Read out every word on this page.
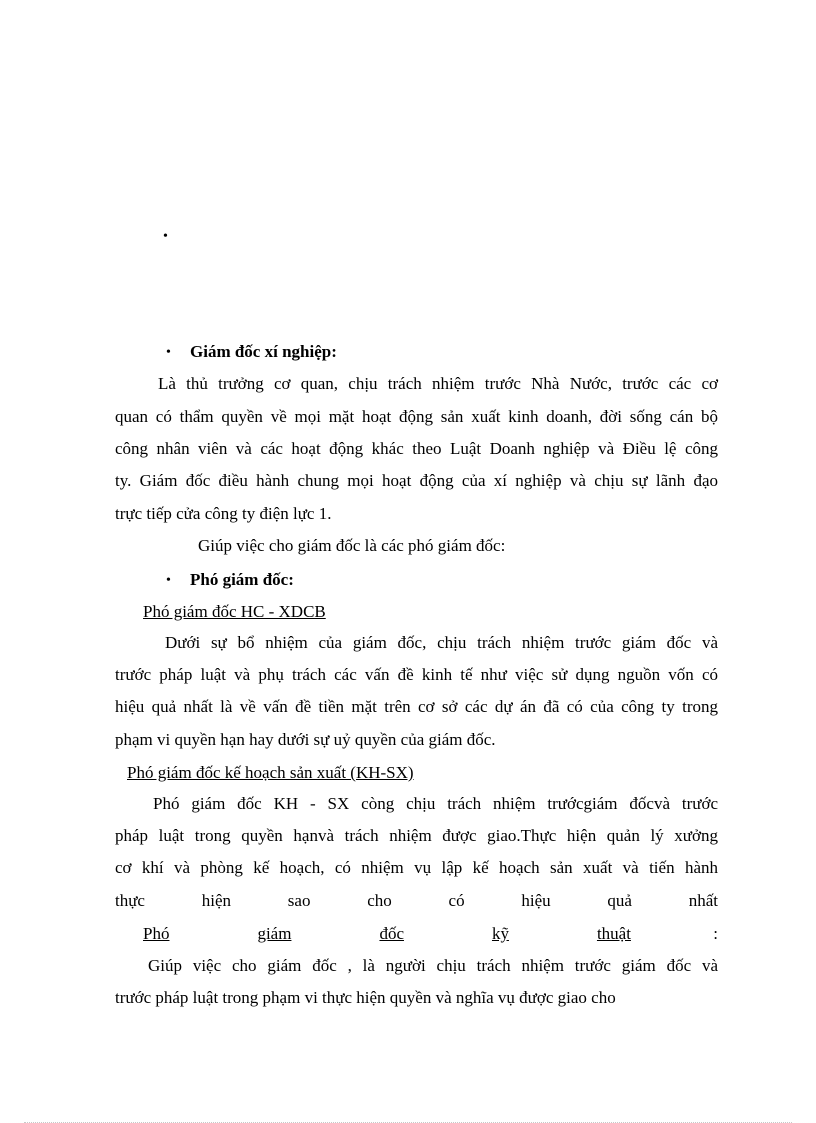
•
• Giám đốc xí nghiệp:
Là thủ trưởng cơ quan, chịu trách nhiệm trước Nhà Nước, trước các cơ
quan có thẩm quyền về mọi mặt hoạt động sản xuất kinh doanh, đời sống cán bộ
công nhân viên và các hoạt động khác theo Luật Doanh nghiệp và Điều lệ công
ty. Giám đốc điều hành chung mọi hoạt động của xí nghiệp và chịu sự lãnh đạo
trực tiếp cửa công ty điện lực 1.
Giúp việc cho giám đốc là các phó giám đốc:
• Phó giám đốc:
Phó giám đốc HC - XDCB
Dưới sự bổ nhiệm của giám đốc, chịu trách nhiệm trước giám đốc và
trước pháp luật và phụ trách các vấn đề kinh tế như việc sử dụng nguồn vốn có
hiệu quả nhất là về vấn đề tiền mặt trên cơ sở các dự án đã có của công ty trong
phạm vi quyền hạn hay dưới sự uỷ quyền của giám đốc.
Phó giám đốc kế hoạch sản xuất (KH-SX)
Phó giám đốc KH - SX còng chịu trách nhiệm trướcgiám đốcvà trước
pháp luật trong quyền hạnvà trách nhiệm được giao.Thực hiện quản lý xưởng
cơ khí và phòng kế hoạch, có nhiệm vụ lập kế hoạch sản xuất và tiến hành
thực hiện sao cho có hiệu quả nhất
Phó	giám	đốc	kỹ	thuật	:
Giúp việc cho giám đốc , là người chịu trách nhiệm trước giám đốc và
trước pháp luật trong phạm vi thực hiện quyền và nghĩa vụ được giao cho
